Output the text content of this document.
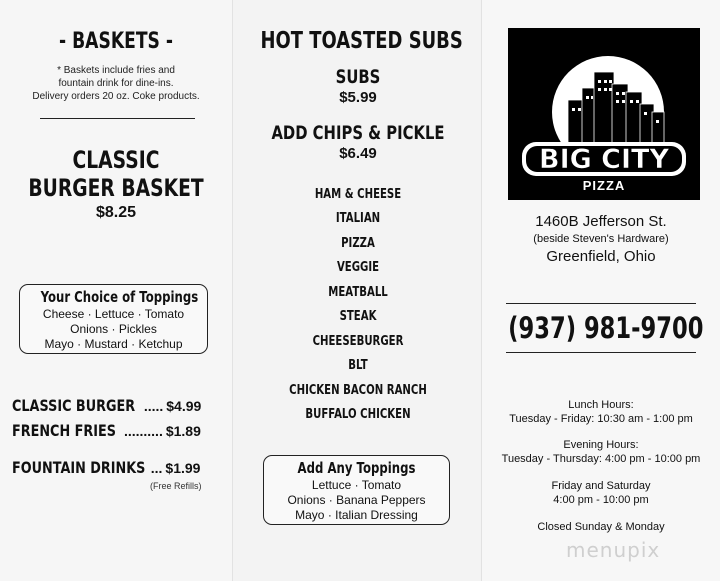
- BASKETS -
* Baskets include fries and
fountain drink for dine-ins.
Delivery orders 20 oz. Coke products.
CLASSIC
BURGER BASKET
$8.25
Your Choice of Toppings
Cheese · Lettuce · Tomato
Onions · Pickles
Mayo · Mustard · Ketchup
CLASSIC BURGER ..... $4.99
FRENCH FRIES .......... $1.89
FOUNTAIN DRINKS ... $1.99
(Free Refills)
HOT TOASTED SUBS
SUBS
$5.99
ADD CHIPS & PICKLE
$6.49
HAM & CHEESE
ITALIAN
PIZZA
VEGGIE
MEATBALL
STEAK
CHEESEBURGER
BLT
CHICKEN BACON RANCH
BUFFALO CHICKEN
Add Any Toppings
Lettuce · Tomato
Onions · Banana Peppers
Mayo · Italian Dressing
BIG CITY
PIZZA
1460B Jefferson St.
(beside Steven's Hardware)
Greenfield, Ohio
(937) 981-9700
Lunch Hours:
Tuesday - Friday: 10:30 am - 1:00 pm
Evening Hours:
Tuesday - Thursday: 4:00 pm - 10:00 pm
Friday and Saturday
4:00 pm - 10:00 pm
Closed Sunday & Monday
menupix
